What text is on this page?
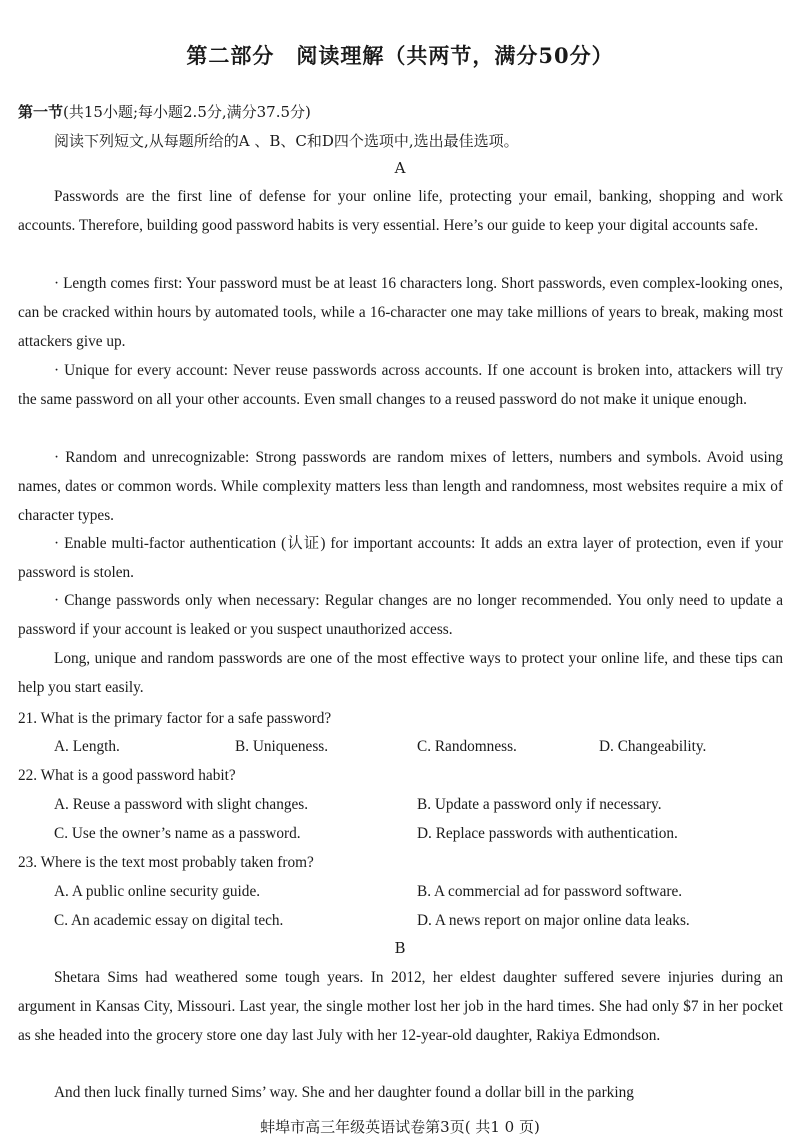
第二部分　阅读理解（共两节，满分50分）
第一节(共15小题;每小题2.5分,满分37.5分)
阅读下列短文,从每题所给的A 、B、C和D四个选项中,选出最佳选项。
A

Passwords are the first line of defense for your online life, protecting your email, banking, shopping and work accounts. Therefore, building good password habits is very essential. Here’s our guide to keep your digital accounts safe.

· Length comes first: Your password must be at least 16 characters long. Short passwords, even complex-looking ones, can be cracked within hours by automated tools, while a 16-character one may take millions of years to break, making most attackers give up.

· Unique for every account: Never reuse passwords across accounts. If one account is broken into, attackers will try the same password on all your other accounts. Even small changes to a reused password do not make it unique enough.

· Random and unrecognizable: Strong passwords are random mixes of letters, numbers and symbols. Avoid using names, dates or common words. While complexity matters less than length and randomness, most websites require a mix of character types.

· Enable multi-factor authentication (认证) for important accounts: It adds an extra layer of protection, even if your password is stolen.

· Change passwords only when necessary: Regular changes are no longer recommended. You only need to update a password if your account is leaked or you suspect unauthorized access.

Long, unique and random passwords are one of the most effective ways to protect your online life, and these tips can help you start easily.

21. What is the primary factor for a safe password?
A. Length.	B. Uniqueness.	C. Randomness.	D. Changeability.
22. What is a good password habit?
A. Reuse a password with slight changes.	B. Update a password only if necessary.
C. Use the owner’s name as a password.	D. Replace passwords with authentication.
23. Where is the text most probably taken from?
A. A public online security guide.	B. A commercial ad for password software.
C. An academic essay on digital tech.	D. A news report on major online data leaks.
B

Shetara Sims had weathered some tough years. In 2012, her eldest daughter suffered severe injuries during an argument in Kansas City, Missouri. Last year, the single mother lost her job in the hard times. She had only $7 in her pocket as she headed into the grocery store one day last July with her 12-year-old daughter, Rakiya Edmondson.

And then luck finally turned Sims’ way. She and her daughter found a dollar bill in the parking

蚌埠市高三年级英语试卷第3页( 共1 0 页)
